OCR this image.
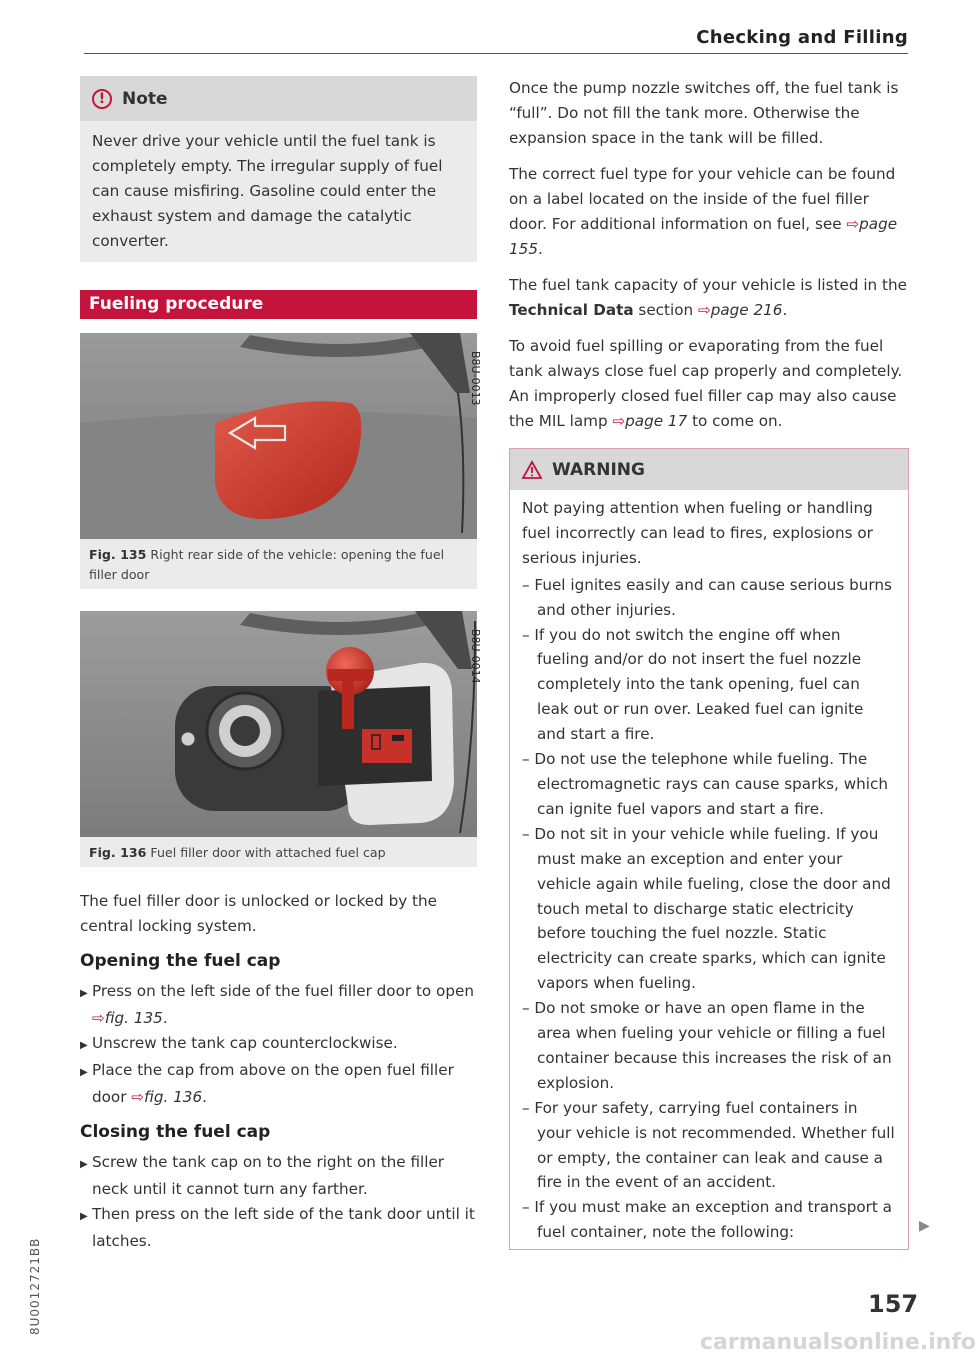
Checking and Filling
! Note
Never drive your vehicle until the fuel tank is completely empty. The irregular supply of fuel can cause misfiring. Gasoline could enter the exhaust system and damage the catalytic converter.
Fueling procedure
B8U-0013
Fig. 135 Right rear side of the vehicle: opening the fuel filler door
B8U-0014
Fig. 136 Fuel filler door with attached fuel cap

The fuel filler door is unlocked or locked by the central locking system.

Opening the fuel cap
▶ Press on the left side of the fuel filler door to open ⇨fig. 135.
▶ Unscrew the tank cap counterclockwise.
▶ Place the cap from above on the open fuel filler door ⇨fig. 136.
Closing the fuel cap
▶ Screw the tank cap on to the right on the filler neck until it cannot turn any farther.
▶ Then press on the left side of the tank door until it latches.

Once the pump nozzle switches off, the fuel tank is “full”. Do not fill the tank more. Otherwise the expansion space in the tank will be filled.

The correct fuel type for your vehicle can be found on a label located on the inside of the fuel filler door. For additional information on fuel, see ⇨page 155.

The fuel tank capacity of your vehicle is listed in the Technical Data section ⇨page 216.

To avoid fuel spilling or evaporating from the fuel tank always close fuel cap properly and completely. An improperly closed fuel filler cap may also cause the MIL lamp ⇨page 17 to come on.

WARNING
Not paying attention when fueling or handling fuel incorrectly can lead to fires, explosions or serious injuries.
– Fuel ignites easily and can cause serious burns and other injuries.
– If you do not switch the engine off when fueling and/or do not insert the fuel nozzle completely into the tank opening, fuel can leak out or run over. Leaked fuel can ignite and start a fire.
– Do not use the telephone while fueling. The electromagnetic rays can cause sparks, which can ignite fuel vapors and start a fire.
– Do not sit in your vehicle while fueling. If you must make an exception and enter your vehicle again while fueling, close the door and touch metal to discharge static electricity before touching the fuel nozzle. Static electricity can create sparks, which can ignite vapors when fueling.
– Do not smoke or have an open flame in the area when fueling your vehicle or filling a fuel container because this increases the risk of an explosion.
– For your safety, carrying fuel containers in your vehicle is not recommended. Whether full or empty, the container can leak and cause a fire in the event of an accident.
– If you must make an exception and transport a fuel container, note the following:	▶
157
8U0012721BB
carmanualsonline.info
